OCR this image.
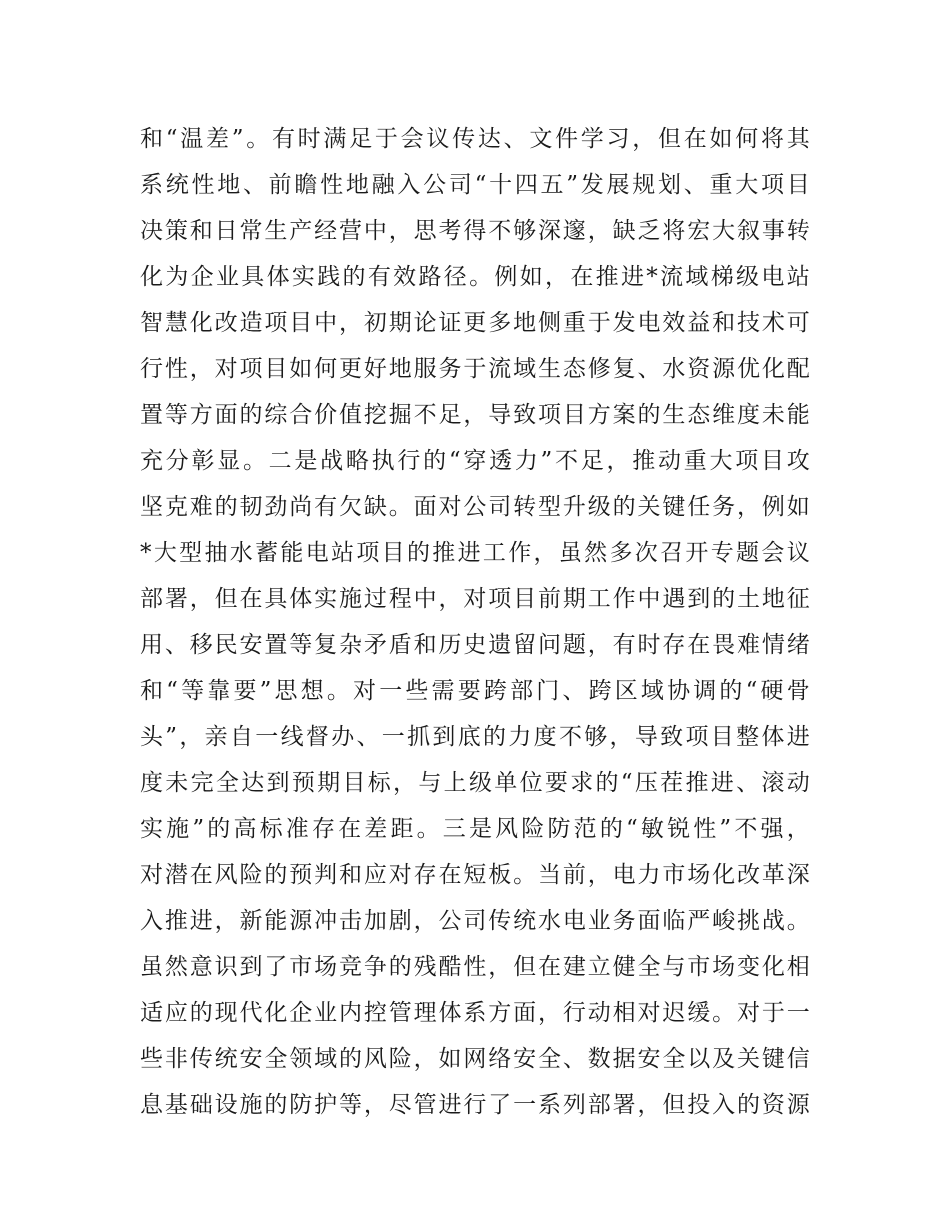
和“温差”。有时满足于会议传达、文件学习，但在如何将其
系统性地、前瞻性地融入公司“十四五”发展规划、重大项目
决策和日常生产经营中，思考得不够深邃，缺乏将宏大叙事转
化为企业具体实践的有效路径。例如，在推进*流域梯级电站
智慧化改造项目中，初期论证更多地侧重于发电效益和技术可
行性，对项目如何更好地服务于流域生态修复、水资源优化配
置等方面的综合价值挖掘不足，导致项目方案的生态维度未能
充分彰显。二是战略执行的“穿透力”不足，推动重大项目攻
坚克难的韧劲尚有欠缺。面对公司转型升级的关键任务，例如
*大型抽水蓄能电站项目的推进工作，虽然多次召开专题会议
部署，但在具体实施过程中，对项目前期工作中遇到的土地征
用、移民安置等复杂矛盾和历史遗留问题，有时存在畏难情绪
和“等靠要”思想。对一些需要跨部门、跨区域协调的“硬骨
头”，亲自一线督办、一抓到底的力度不够，导致项目整体进
度未完全达到预期目标，与上级单位要求的“压茬推进、滚动
实施”的高标准存在差距。三是风险防范的“敏锐性”不强，
对潜在风险的预判和应对存在短板。当前，电力市场化改革深
入推进，新能源冲击加剧，公司传统水电业务面临严峻挑战。
虽然意识到了市场竞争的残酷性，但在建立健全与市场变化相
适应的现代化企业内控管理体系方面，行动相对迟缓。对于一
些非传统安全领域的风险，如网络安全、数据安全以及关键信
息基础设施的防护等，尽管进行了一系列部署，但投入的资源
